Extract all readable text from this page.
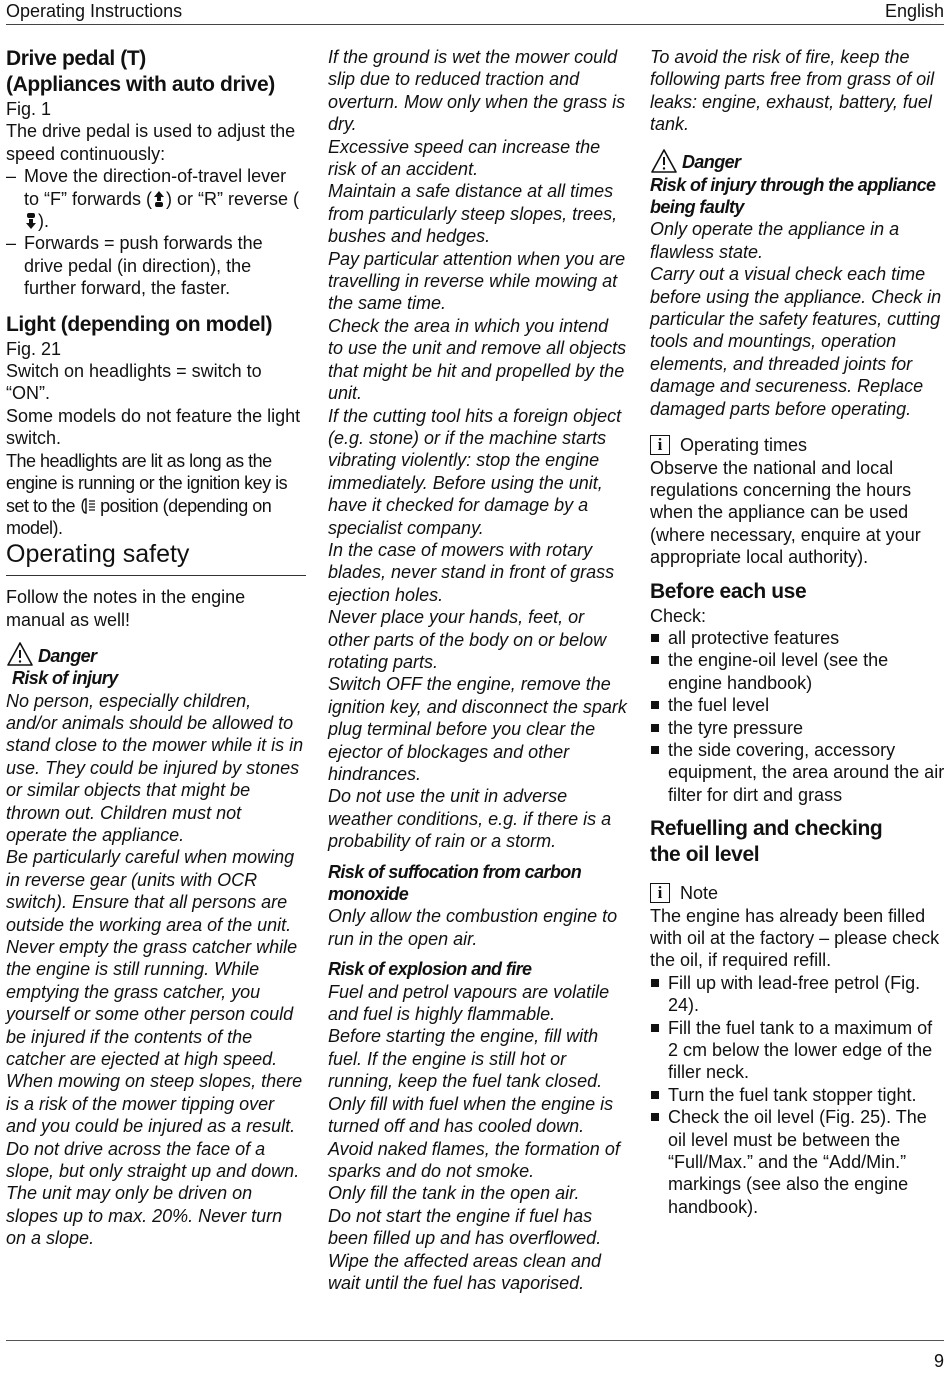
Operating Instructions	English
Drive pedal (T)
(Appliances with auto drive)

Fig. 1

The drive pedal is used to adjust the speed continuously:

– Move the direction-of-travel lever to “F” forwards ( ) or “R” reverse ().

– Forwards = push forwards the drive pedal (in direction), the further forward, the faster.

Light (depending on model)

Fig. 21

Switch on headlights = switch to “ON”.

Some models do not feature the light switch.

The headlights are lit as long as the engine is running or the ignition key is set to the position (depending on model).

Operating safety

Follow the notes in the engine manual as well!

Danger

Risk of injury

No person, especially children, and/or animals should be allowed to stand close to the mower while it is in use. They could be injured by stones or similar objects that might be thrown out. Children must not operate the appliance.

Be particularly careful when mowing in reverse gear (units with OCR switch). Ensure that all persons are outside the working area of the unit.

Never empty the grass catcher while the engine is still running. While emptying the grass catcher, you yourself or some other person could be injured if the contents of the catcher are ejected at high speed.

When mowing on steep slopes, there is a risk of the mower tipping over and you could be injured as a result. Do not drive across the face of a slope, but only straight up and down. The unit may only be driven on slopes up to max. 20%. Never turn on a slope.

If the ground is wet the mower could slip due to reduced traction and overturn. Mow only when the grass is dry.

Excessive speed can increase the risk of an accident.

Maintain a safe distance at all times from particularly steep slopes, trees, bushes and hedges.

Pay particular attention when you are travelling in reverse while mowing at the same time.

Check the area in which you intend to use the unit and remove all objects that might be hit and propelled by the unit.

If the cutting tool hits a foreign object (e.g. stone) or if the machine starts vibrating violently: stop the engine immediately. Before using the unit, have it checked for damage by a specialist company.

In the case of mowers with rotary blades, never stand in front of grass ejection holes.

Never place your hands, feet, or other parts of the body on or below rotating parts.

Switch OFF the engine, remove the ignition key, and disconnect the spark plug terminal before you clear the ejector of blockages and other hindrances.

Do not use the unit in adverse weather conditions, e.g. if there is a probability of rain or a storm.

Risk of suffocation from carbon monoxide

Only allow the combustion engine to run in the open air.

Risk of explosion and fire

Fuel and petrol vapours are volatile and fuel is highly flammable.

Before starting the engine, fill with fuel. If the engine is still hot or running, keep the fuel tank closed.

Only fill with fuel when the engine is turned off and has cooled down.

Avoid naked flames, the formation of sparks and do not smoke.

Only fill the tank in the open air.

Do not start the engine if fuel has been filled up and has overflowed. Wipe the affected areas clean and wait until the fuel has vaporised.

To avoid the risk of fire, keep the following parts free from grass of oil leaks: engine, exhaust, battery, fuel tank.

Danger

Risk of injury through the appliance being faulty

Only operate the appliance in a flawless state.

Carry out a visual check each time before using the appliance. Check in particular the safety features, cutting tools and mountings, operation elements, and threaded joints for damage and secureness. Replace damaged parts before operating.

i Operating times

Observe the national and local regulations concerning the hours when the appliance can be used (where necessary, enquire at your appropriate local authority).

Before each use

Check:

all protective features

the engine-oil level (see the engine handbook)

the fuel level

the tyre pressure

the side covering, accessory equipment, the area around the air filter for dirt and grass

Refuelling and checking
the oil level
i Note

The engine has already been filled with oil at the factory – please check the oil, if required refill.

Fill up with lead-free petrol (Fig. 24).

Fill the fuel tank to a maximum of 2 cm below the lower edge of the filler neck.

Turn the fuel tank stopper tight.

Check the oil level (Fig. 25). The oil level must be between the “Full/Max.” and the “Add/Min.” markings (see also the engine handbook).

9
